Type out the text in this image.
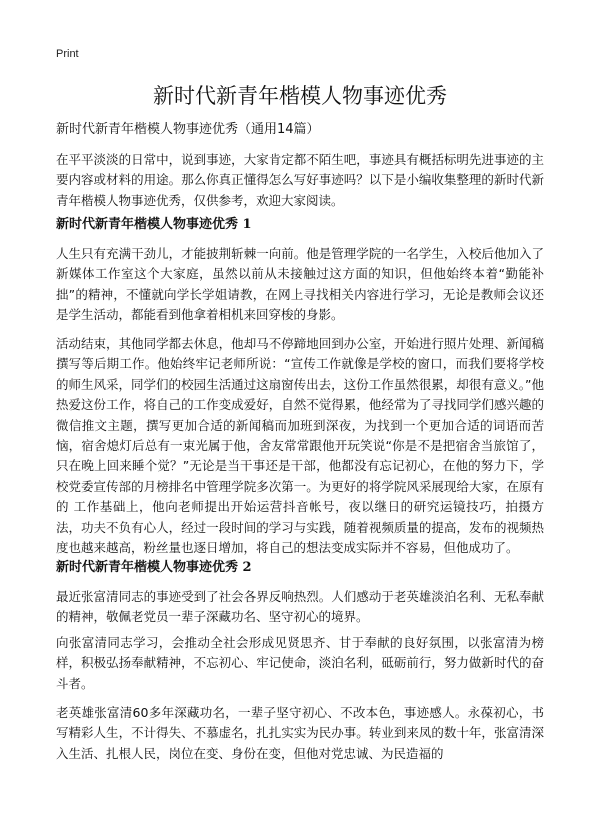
Print
新时代新青年楷模人物事迹优秀

新时代新青年楷模人物事迹优秀（通用14篇）

在平平淡淡的日常中，说到事迹，大家肯定都不陌生吧，事迹具有概括标明先进事迹的主要内容或材料的用途。那么你真正懂得怎么写好事迹吗？以下是小编收集整理的新时代新青年楷模人物事迹优秀，仅供参考，欢迎大家阅读。

新时代新青年楷模人物事迹优秀 1

人生只有充满干劲儿，才能披荆斩棘一向前。他是管理学院的一名学生，入校后他加入了新媒体工作室这个大家庭，虽然以前从未接触过这方面的知识，但他始终本着“勤能补拙”的精神，不懂就向学长学姐请教，在网上寻找相关内容进行学习，无论是教师会议还是学生活动，都能看到他拿着相机来回穿梭的身影。

活动结束，其他同学都去休息，他却马不停蹄地回到办公室，开始进行照片处理、新闻稿撰写等后期工作。他始终牢记老师所说：“宣传工作就像是学校的窗口，而我们要将学校的师生风采，同学们的校园生活通过这扇窗传出去，这份工作虽然很累，却很有意义。”他热爱这份工作，将自己的工作变成爱好，自然不觉得累，他经常为了寻找同学们感兴趣的微信推文主题，撰写更加合适的新闻稿而加班到深夜，为找到一个更加合适的词语而苦恼，宿舍熄灯后总有一束光属于他，舍友常常跟他开玩笑说“你是不是把宿舍当旅馆了，只在晚上回来睡个觉？”无论是当干事还是干部，他都没有忘记初心，在他的努力下，学校党委宣传部的月榜排名中管理学院多次第一。为更好的将学院风采展现给大家，在原有的 工作基础上，他向老师提出开始运营抖音帐号，夜以继日的研究运镜技巧，拍摄方法，功夫不负有心人，经过一段时间的学习与实践，随着视频质量的提高，发布的视频热度也越来越高，粉丝量也逐日增加，将自己的想法变成实际并不容易，但他成功了。

新时代新青年楷模人物事迹优秀 2

最近张富清同志的事迹受到了社会各界反响热烈。人们感动于老英雄淡泊名利、无私奉献的精神，敬佩老党员一辈子深藏功名、坚守初心的境界。

向张富清同志学习，会推动全社会形成见贤思齐、甘于奉献的良好氛围，以张富清为榜样，积极弘扬奉献精神，不忘初心、牢记使命，淡泊名利，砥砺前行，努力做新时代的奋斗者。

老英雄张富清60多年深藏功名，一辈子坚守初心、不改本色，事迹感人。永葆初心，书写精彩人生，不计得失、不慕虚名，扎扎实实为民办事。转业到来凤的数十年，张富清深入生活、扎根人民，岗位在变、身份在变，但他对党忠诚、为民造福的
